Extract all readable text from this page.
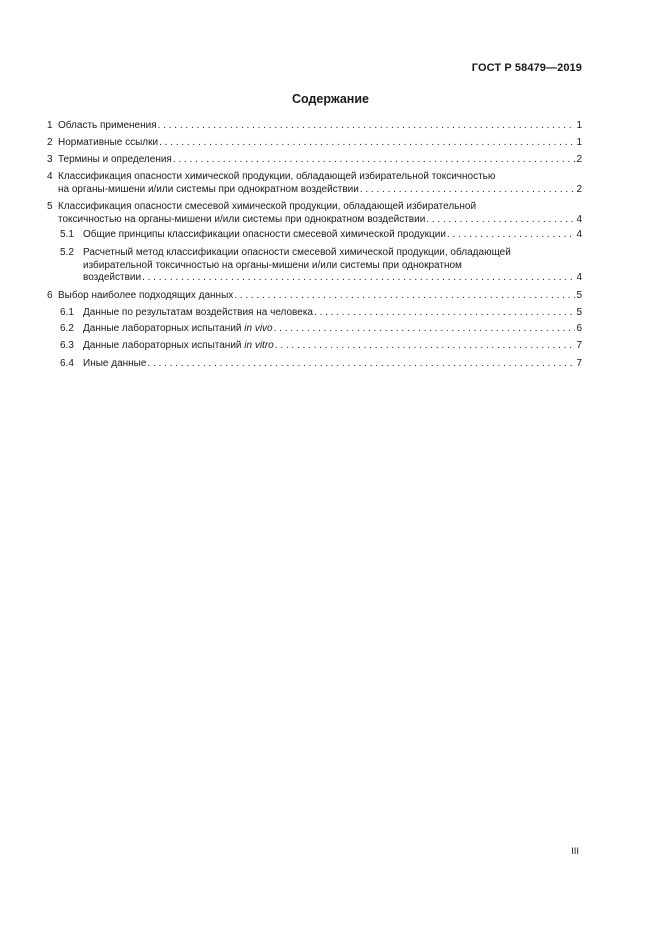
ГОСТ Р 58479—2019
Содержание
1 Область применения . . .	1
2 Нормативные ссылки . . .	1
3 Термины и определения . . .	2
4 Классификация опасности химической продукции, обладающей избирательной токсичностью
на органы-мишени и/или системы при однократном воздействии . . .	2
5 Классификация опасности смесевой химической продукции, обладающей избирательной
токсичностью на органы-мишени и/или системы при однократном воздействии . . .	4
5.1 Общие принципы классификации опасности смесевой химической продукции . . .	4
5.2 Расчетный метод классификации опасности смесевой химической продукции, обладающей
избирательной токсичностью на органы-мишени и/или системы при однократном
воздействии . . .	4
6 Выбор наиболее подходящих данных . . .	5
6.1 Данные по результатам воздействия на человека . . .	5
6.2 Данные лабораторных испытаний in vivo . . .	6
6.3 Данные лабораторных испытаний in vitro . . .	7
6.4 Иные данные . . .	7
III
